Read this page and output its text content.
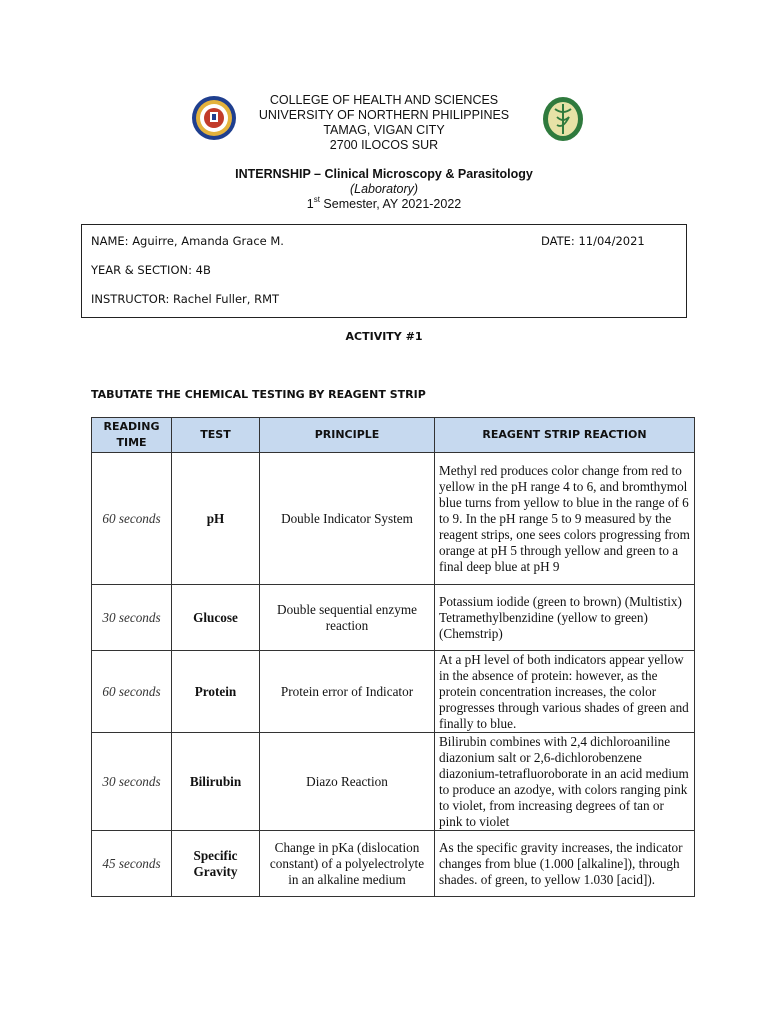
COLLEGE OF HEALTH AND SCIENCES
UNIVERSITY OF NORTHERN PHILIPPINES
TAMAG, VIGAN CITY
2700 ILOCOS SUR
INTERNSHIP – Clinical Microscopy & Parasitology
(Laboratory)
1st Semester, AY 2021-2022
NAME: Aguirre, Amanda Grace M.	DATE: 11/04/2021
YEAR & SECTION: 4B
INSTRUCTOR: Rachel Fuller, RMT
ACTIVITY #1
TABUTATE THE CHEMICAL TESTING BY REAGENT STRIP
READING TIME	TEST	PRINCIPLE	REAGENT STRIP REACTION
60 seconds	pH	Double Indicator System	Methyl red produces color change from red to yellow in the pH range 4 to 6, and bromthymol blue turns from yellow to blue in the range of 6 to 9. In the pH range 5 to 9 measured by the reagent strips, one sees colors progressing from orange at pH 5 through yellow and green to a final deep blue at pH 9
30 seconds	Glucose	Double sequential enzyme reaction	Potassium iodide (green to brown) (Multistix)
Tetramethylbenzidine (yellow to green) (Chemstrip)

60 seconds	Protein	Protein error of Indicator	At a pH level of both indicators appear yellow in the absence of protein: however, as the protein concentration increases, the color progresses through various shades of green and finally to blue.
30 seconds	Bilirubin	Diazo Reaction	Bilirubin combines with 2,4 dichloroaniline diazonium salt or 2,6-dichlorobenzene diazonium-tetrafluoroborate in an acid medium to produce an azodye, with colors ranging pink to violet, from increasing degrees of tan or pink to violet
45 seconds	Specific Gravity	Change in pKa (dislocation constant) of a polyelectrolyte in an alkaline medium	As the specific gravity increases, the indicator changes from blue (1.000 [alkaline]), through shades. of green, to yellow 1.030 [acid]).
